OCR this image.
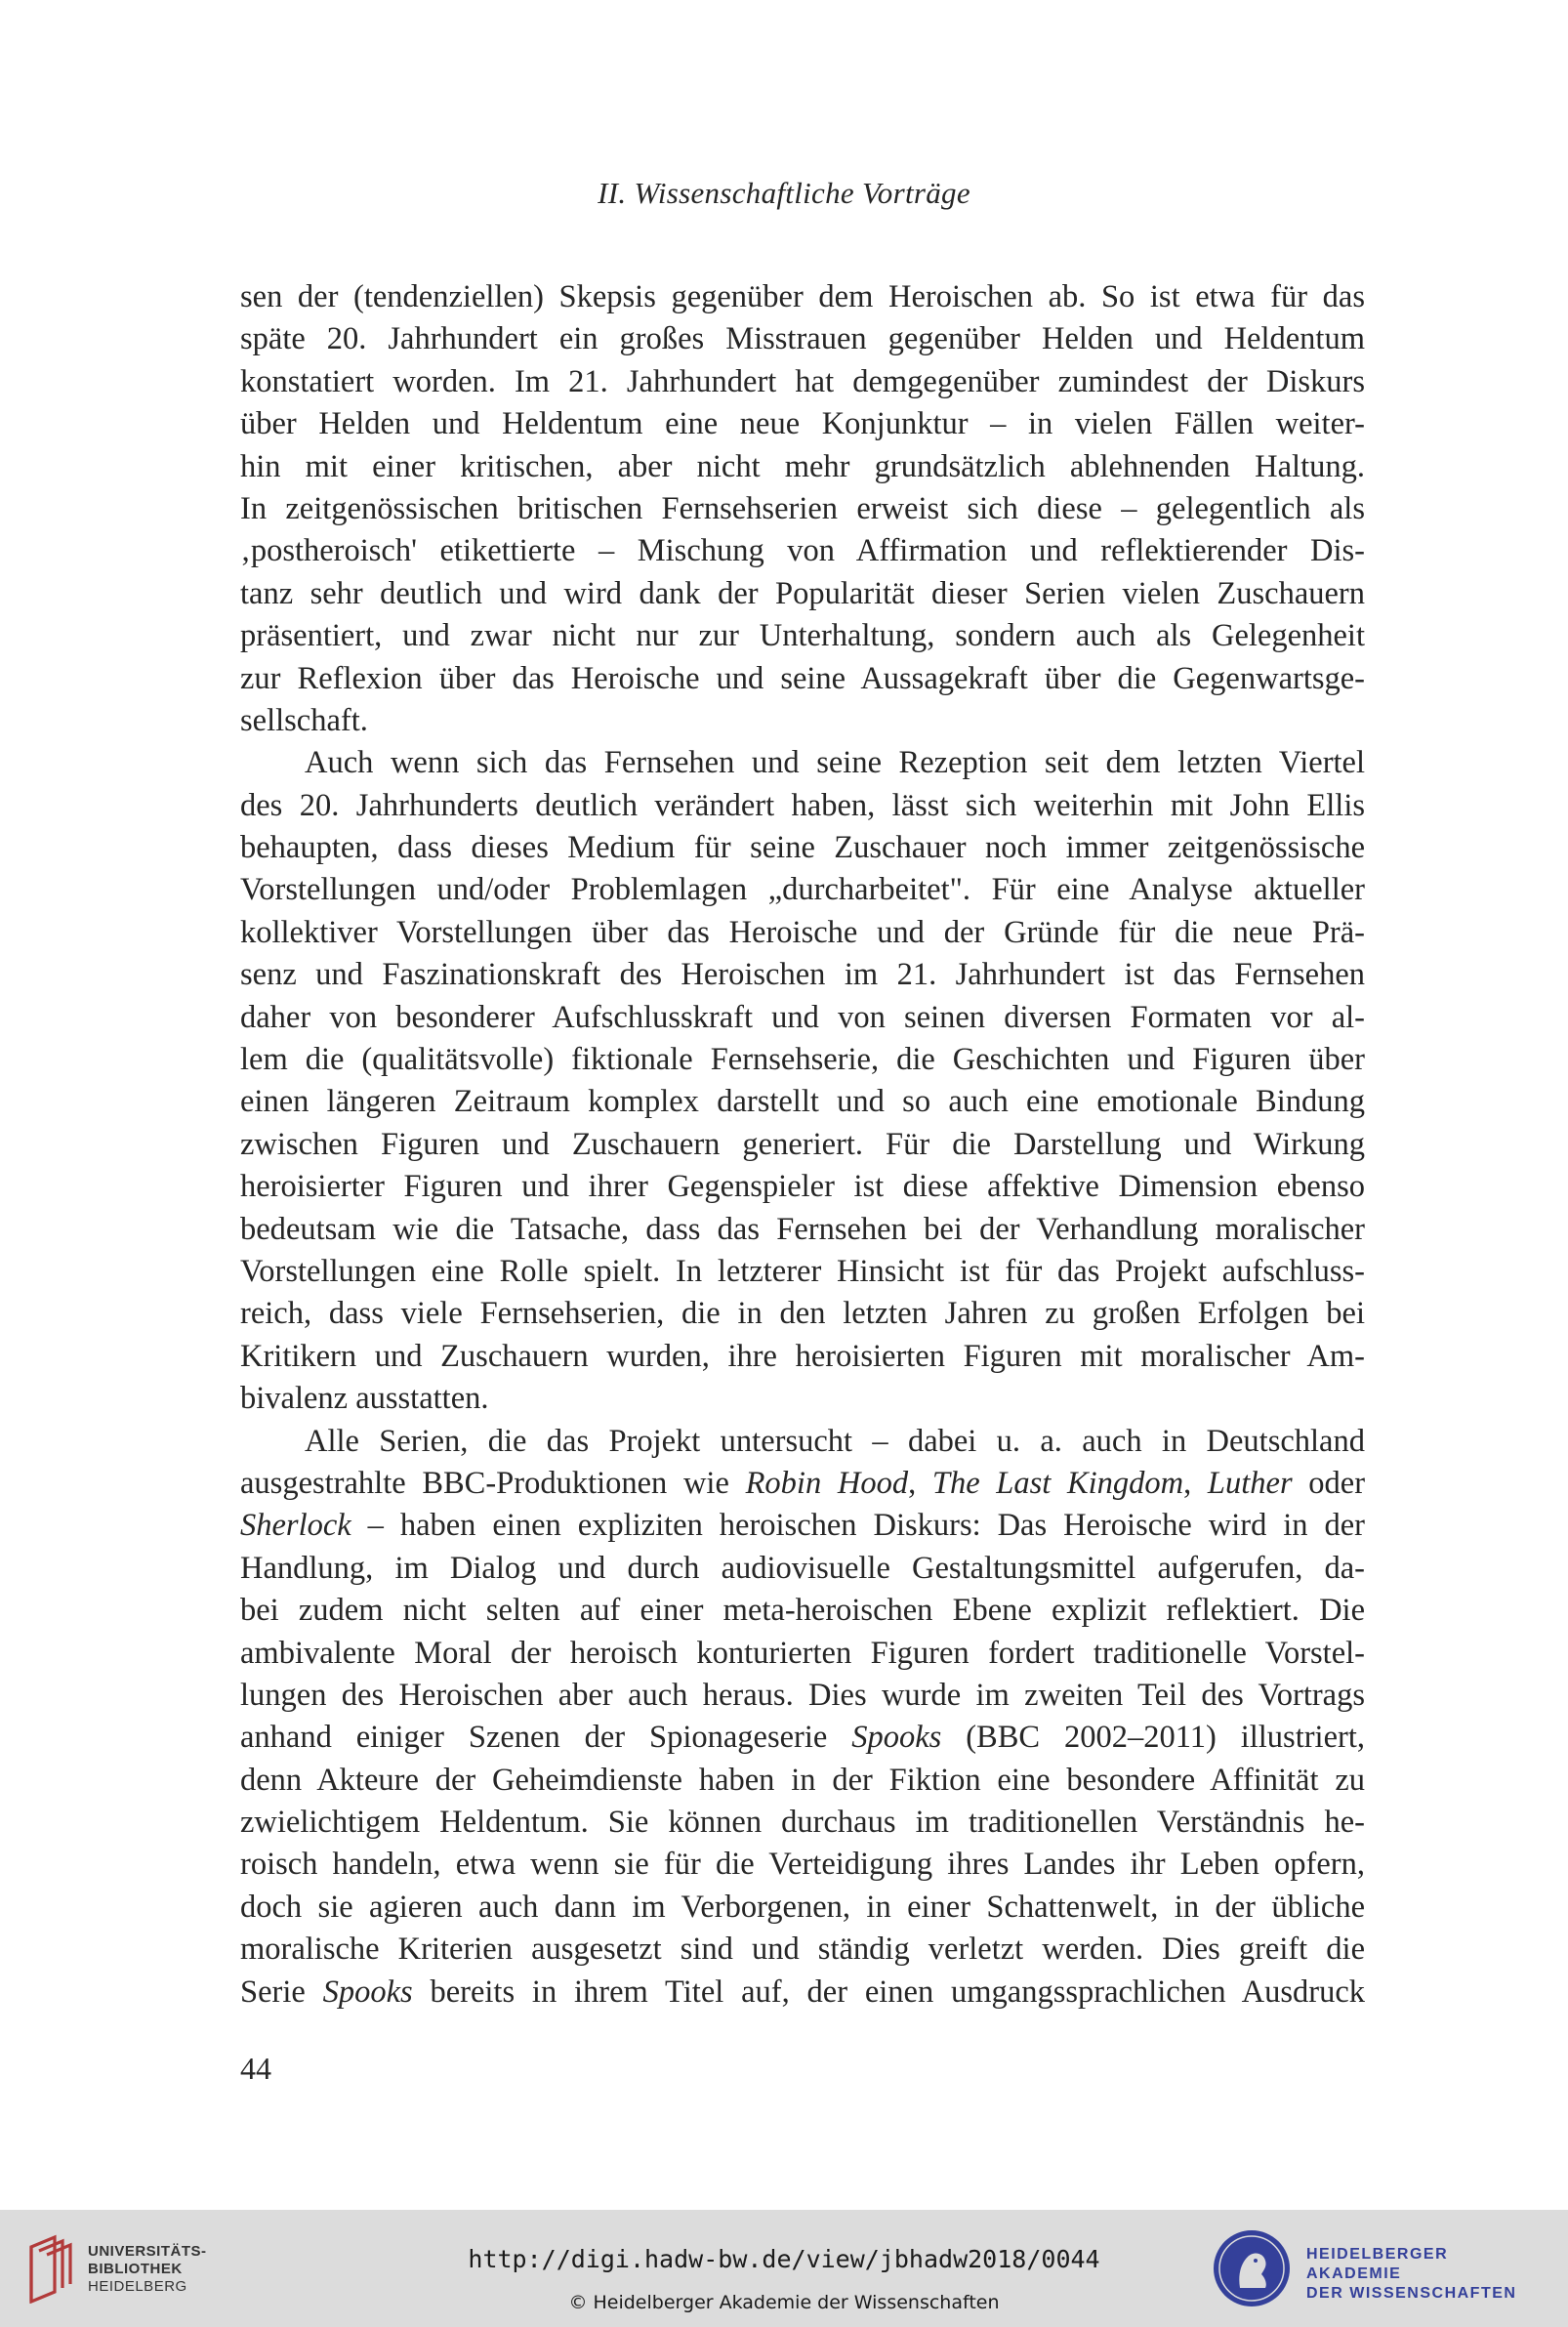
II. Wissenschaftliche Vorträge
sen der (tendenziellen) Skepsis gegenüber dem Heroischen ab. So ist etwa für das
späte 20. Jahrhundert ein großes Misstrauen gegenüber Helden und Heldentum
konstatiert worden. Im 21. Jahrhundert hat demgegenüber zumindest der Diskurs
über Helden und Heldentum eine neue Konjunktur – in vielen Fällen weiter-
hin mit einer kritischen, aber nicht mehr grundsätzlich ablehnenden Haltung.
In zeitgenössischen britischen Fernsehserien erweist sich diese – gelegentlich als
‚postheroisch' etikettierte – Mischung von Affirmation und reflektierender Dis-
tanz sehr deutlich und wird dank der Popularität dieser Serien vielen Zuschauern
präsentiert, und zwar nicht nur zur Unterhaltung, sondern auch als Gelegenheit
zur Reflexion über das Heroische und seine Aussagekraft über die Gegenwartsge-
sellschaft.
Auch wenn sich das Fernsehen und seine Rezeption seit dem letzten Viertel
des 20. Jahrhunderts deutlich verändert haben, lässt sich weiterhin mit John Ellis
behaupten, dass dieses Medium für seine Zuschauer noch immer zeitgenössische
Vorstellungen und/oder Problemlagen „durcharbeitet". Für eine Analyse aktueller
kollektiver Vorstellungen über das Heroische und der Gründe für die neue Prä-
senz und Faszinationskraft des Heroischen im 21. Jahrhundert ist das Fernsehen
daher von besonderer Aufschlusskraft und von seinen diversen Formaten vor al-
lem die (qualitätsvolle) fiktionale Fernsehserie, die Geschichten und Figuren über
einen längeren Zeitraum komplex darstellt und so auch eine emotionale Bindung
zwischen Figuren und Zuschauern generiert. Für die Darstellung und Wirkung
heroisierter Figuren und ihrer Gegenspieler ist diese affektive Dimension ebenso
bedeutsam wie die Tatsache, dass das Fernsehen bei der Verhandlung moralischer
Vorstellungen eine Rolle spielt. In letzterer Hinsicht ist für das Projekt aufschluss-
reich, dass viele Fernsehserien, die in den letzten Jahren zu großen Erfolgen bei
Kritikern und Zuschauern wurden, ihre heroisierten Figuren mit moralischer Am-
bivalenz ausstatten.
Alle Serien, die das Projekt untersucht – dabei u. a. auch in Deutschland
ausgestrahlte BBC-Produktionen wie Robin Hood, The Last Kingdom, Luther oder
Sherlock – haben einen expliziten heroischen Diskurs: Das Heroische wird in der
Handlung, im Dialog und durch audiovisuelle Gestaltungsmittel aufgerufen, da-
bei zudem nicht selten auf einer meta-heroischen Ebene explizit reflektiert. Die
ambivalente Moral der heroisch konturierten Figuren fordert traditionelle Vorstel-
lungen des Heroischen aber auch heraus. Dies wurde im zweiten Teil des Vortrags
anhand einiger Szenen der Spionageserie Spooks (BBC 2002–2011) illustriert,
denn Akteure der Geheimdienste haben in der Fiktion eine besondere Affinität zu
zwielichtigem Heldentum. Sie können durchaus im traditionellen Verständnis he-
roisch handeln, etwa wenn sie für die Verteidigung ihres Landes ihr Leben opfern,
doch sie agieren auch dann im Verborgenen, in einer Schattenwelt, in der übliche
moralische Kriterien ausgesetzt sind und ständig verletzt werden. Dies greift die
Serie Spooks bereits in ihrem Titel auf, der einen umgangssprachlichen Ausdruck
44
UNIVERSITÄTS-
BIBLIOTHEK
HEIDELBERG
http://digi.hadw-bw.de/view/jbhadw2018/0044
© Heidelberger Akademie der Wissenschaften
HEIDELBERGER AKADEMIE
DER WISSENSCHAFTEN
